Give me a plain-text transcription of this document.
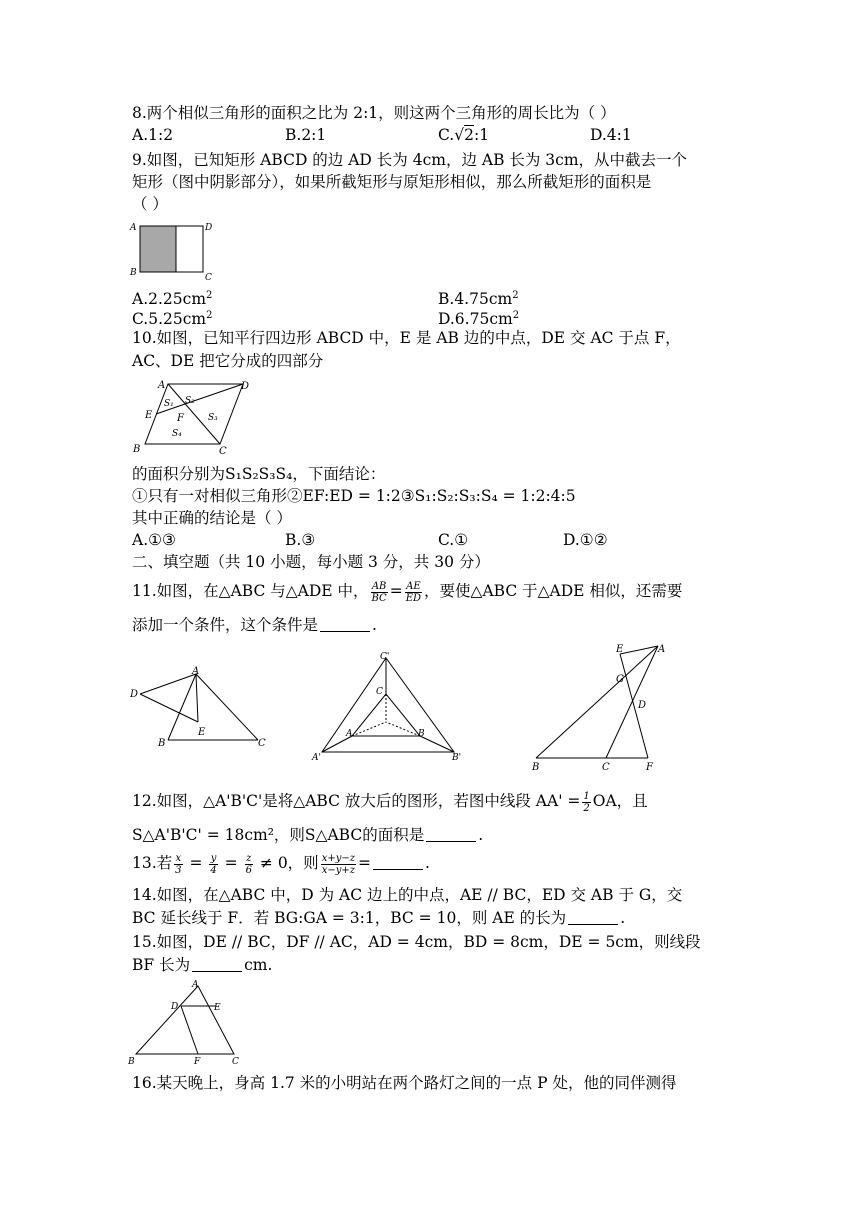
8.两个相似三角形的面积之比为 2:1，则这两个三角形的周长比为（ ）
A.1:2	B.2:1	C.√2:1	D.4:1
9.如图，已知矩形 ABCD 的边 AD 长为 4cm，边 AB 长为 3cm，从中截去一个
矩形（图中阴影部分），如果所截矩形与原矩形相似，那么所截矩形的面积是
（ ）
A
B	C
D
$A.2.25cm^2$	$B.4.75cm^2$
$C.5.25cm^2$	$D.6.75cm^2$
10.如图，已知平行四边形 ABCD 中，E 是 AB 边的中点，DE 交 AC 于点 F，
AC、DE 把它分成的四部分
A	D
B	C
E F
S₁ S₂
S₃
S₄
的面积分别为S₁S₂S₃S₄，下面结论：
①只有一对相似三角形②EF:ED = 1:2③S₁:S₂:S₃:S₄ = 1:2:4:5
其中正确的结论是（ ）
A.①③	B.③	C.①	D.①②
二、填空题（共 10 小题，每小题 3 分，共 30 分）
11.如图，在△ABC 与△ADE 中， $\frac{AB}{BC} = \frac{AE}{ED}$ ，要使△ABC 于△ADE 相似，还需要
添加一个条件，这个条件是	.
A
B	C
D
E
C'
C
A	B
A'	B'
E	A
G
D
B	C	F
12.如图，△A'B'C'是将△ABC 放大后的图形，若图中线段 $AA' = \frac{1}{2}$ OA，且
S△A'B'C' = 18cm²，则S△ABC的面积是	.
13.若 $\frac{x}{3} = \frac{y}{4} = \frac{z}{6} \ne 0$，则 $\frac{x+y-z}{x-y+z}$ =	.
14.如图，在△ABC 中，D 为 AC 边上的中点，AE // BC，ED 交 AB 于 G，交
BC 延长线于 F．若 BG:GA = 3:1，BC = 10，则 AE 的长为	.
15.如图，DE // BC，DF // AC，AD = 4cm，BD = 8cm，DE = 5cm，则线段
BF 长为	cm.
A
D	E
B	F	C
16.某天晚上，身高 1.7 米的小明站在两个路灯之间的一点 P 处，他的同伴测得
